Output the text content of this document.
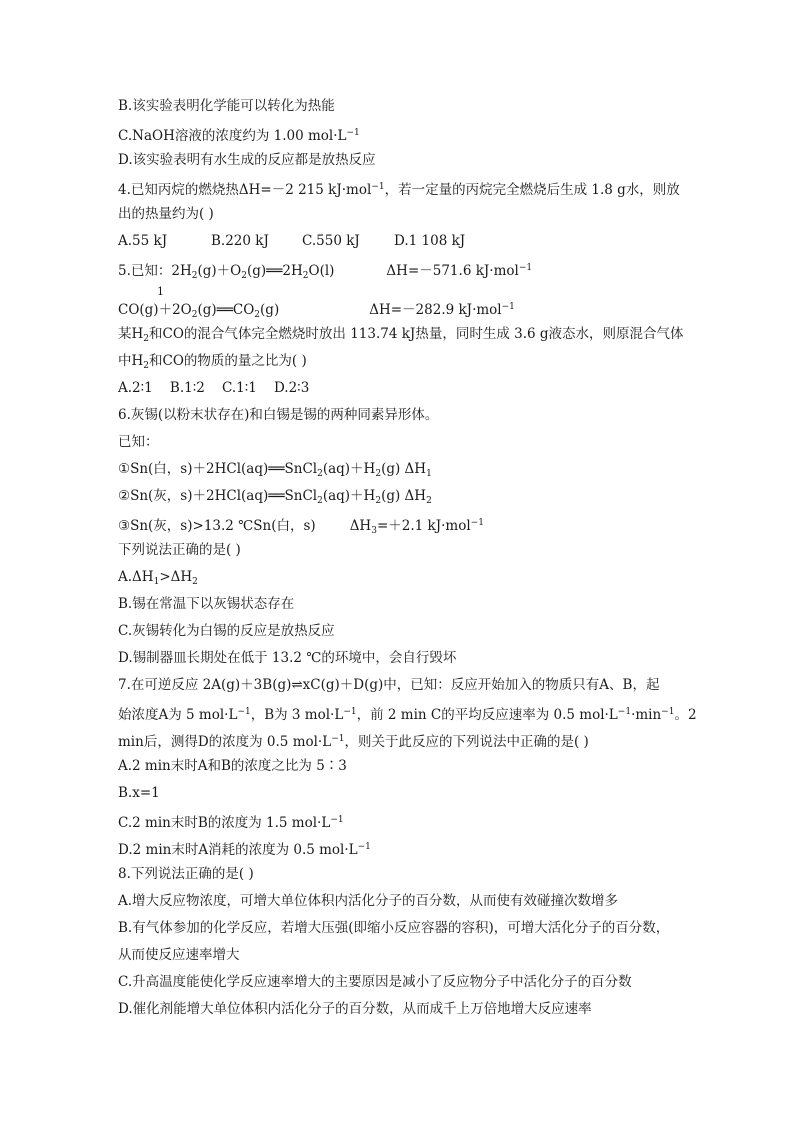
B.该实验表明化学能可以转化为热能
C.NaOH溶液的浓度约为 1.00 $mol\cdot L^{-1}$
D.该实验表明有水生成的反应都是放热反应
4.已知丙烷的燃烧热ΔH=－2 215 kJ·mol$^{-1}$，若一定量的丙烷完全燃烧后生成 1.8 g水，则放
出的热量约为( )
A.55 kJ	B.220 kJ C.550 kJ	D.1 108 kJ
5.已知：$2H_2(g)+O_2(g)══2H_2O(l)$	ΔH=－571.6 kJ·mol$^{-1}$
1
$CO(g)+2O_2(g)══CO_2(g)$	ΔH=－282.9 kJ·mol$^{-1}$
某$H_2$和CO的混合气体完全燃烧时放出 113.74 kJ热量，同时生成 3.6 g液态水，则原混合气体
中$H_2$和CO的物质的量之比为( )
A.2∶1    B.1∶2    C.1∶1    D.2∶3
6.灰锡(以粉末状存在)和白锡是锡的两种同素异形体。
已知：
①Sn(白，$s)+2HCl(aq)══SnCl_2(aq)+H_2(g)$ $\Delta H_1$
②Sn(灰，$s)+2HCl(aq)══SnCl_2(aq)+H_2(g)$ $\Delta H_2$
③Sn(灰，s)>13.2 ℃Sn(白，s)	$\Delta H_3=+2.1$ kJ·mol$^{-1}$
下列说法正确的是( )
$A.\Delta H_1>\Delta H_2$
B.锡在常温下以灰锡状态存在
C.灰锡转化为白锡的反应是放热反应
D.锡制器皿长期处在低于 13.2 ℃的环境中，会自行毁坏
7.在可逆反应 2A(g)＋3B(g)⇌xC(g)＋D(g)中，已知：反应开始加入的物质只有A、B，起
始浓度A为 5 $mol\cdot L^{-1}$，B为 3 $mol\cdot L^{-1}$，前 2 min C的平均反应速率为 0.5 $mol\cdot L^{-1}\cdot\min^{-1}$。2
min后，测得D的浓度为 0.5 $mol\cdot L^{-1}$，则关于此反应的下列说法中正确的是( )
A.2 min末时A和B的浓度之比为 5∶3
B.x=1
C.2 min末时B的浓度为 1.5 $mol\cdot L^{-1}$
D.2 min末时A消耗的浓度为 0.5 $mol\cdot L^{-1}$
8.下列说法正确的是( )
A.增大反应物浓度，可增大单位体积内活化分子的百分数，从而使有效碰撞次数增多
B.有气体参加的化学反应，若增大压强(即缩小反应容器的容积)，可增大活化分子的百分数，
从而使反应速率增大
C.升高温度能使化学反应速率增大的主要原因是减小了反应物分子中活化分子的百分数
D.催化剂能增大单位体积内活化分子的百分数，从而成千上万倍地增大反应速率
